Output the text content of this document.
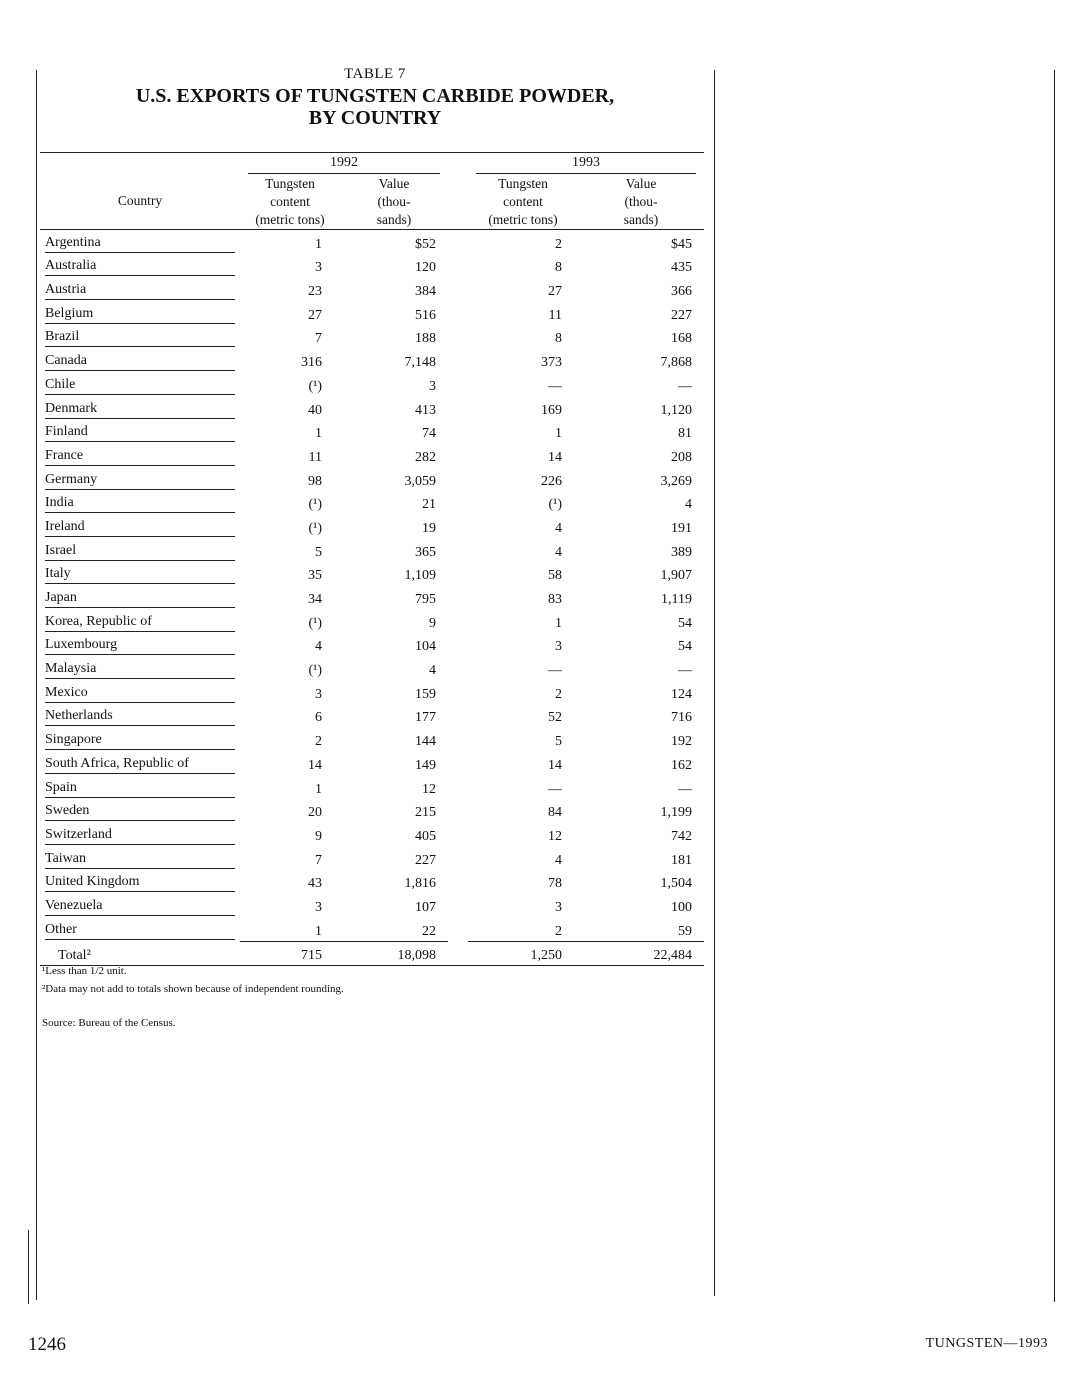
TABLE 7
U.S. EXPORTS OF TUNGSTEN CARBIDE POWDER, BY COUNTRY

	1992			1993	

Country	Tungsten content (metric tons)	Value (thou-sands)		Tungsten content (metric tons)	Value (thou-sands)

Argentina	1	$52		2	$45

Australia	3	120		8	435

Austria	23	384		27	366

Belgium	27	516		11	227

Brazil	7	188		8	168

Canada	316	7,148		373	7,868

Chile	(¹)	3		—	—

Denmark	40	413		169	1,120

Finland	1	74		1	81

France	11	282		14	208

Germany	98	3,059		226	3,269

India	(¹)	21		(¹)	4

Ireland	(¹)	19		4	191

Israel	5	365		4	389

Italy	35	1,109		58	1,907

Japan	34	795		83	1,119

Korea, Republic of	(¹)	9		1	54

Luxembourg	4	104		3	54

Malaysia	(¹)	4		—	—

Mexico	3	159		2	124

Netherlands	6	177		52	716

Singapore	2	144		5	192

South Africa, Republic of	14	149		14	162

Spain	1	12		—	—

Sweden	20	215		84	1,199

Switzerland	9	405		12	742

Taiwan	7	227		4	181

United Kingdom	43	1,816		78	1,504

Venezuela	3	107		3	100

Other	1	22		2	59
Total²	715	18,098		1,250	22,484
¹Less than 1/2 unit.
²Data may not add to totals shown because of independent rounding.
Source: Bureau of the Census.
1246	TUNGSTEN—1993
